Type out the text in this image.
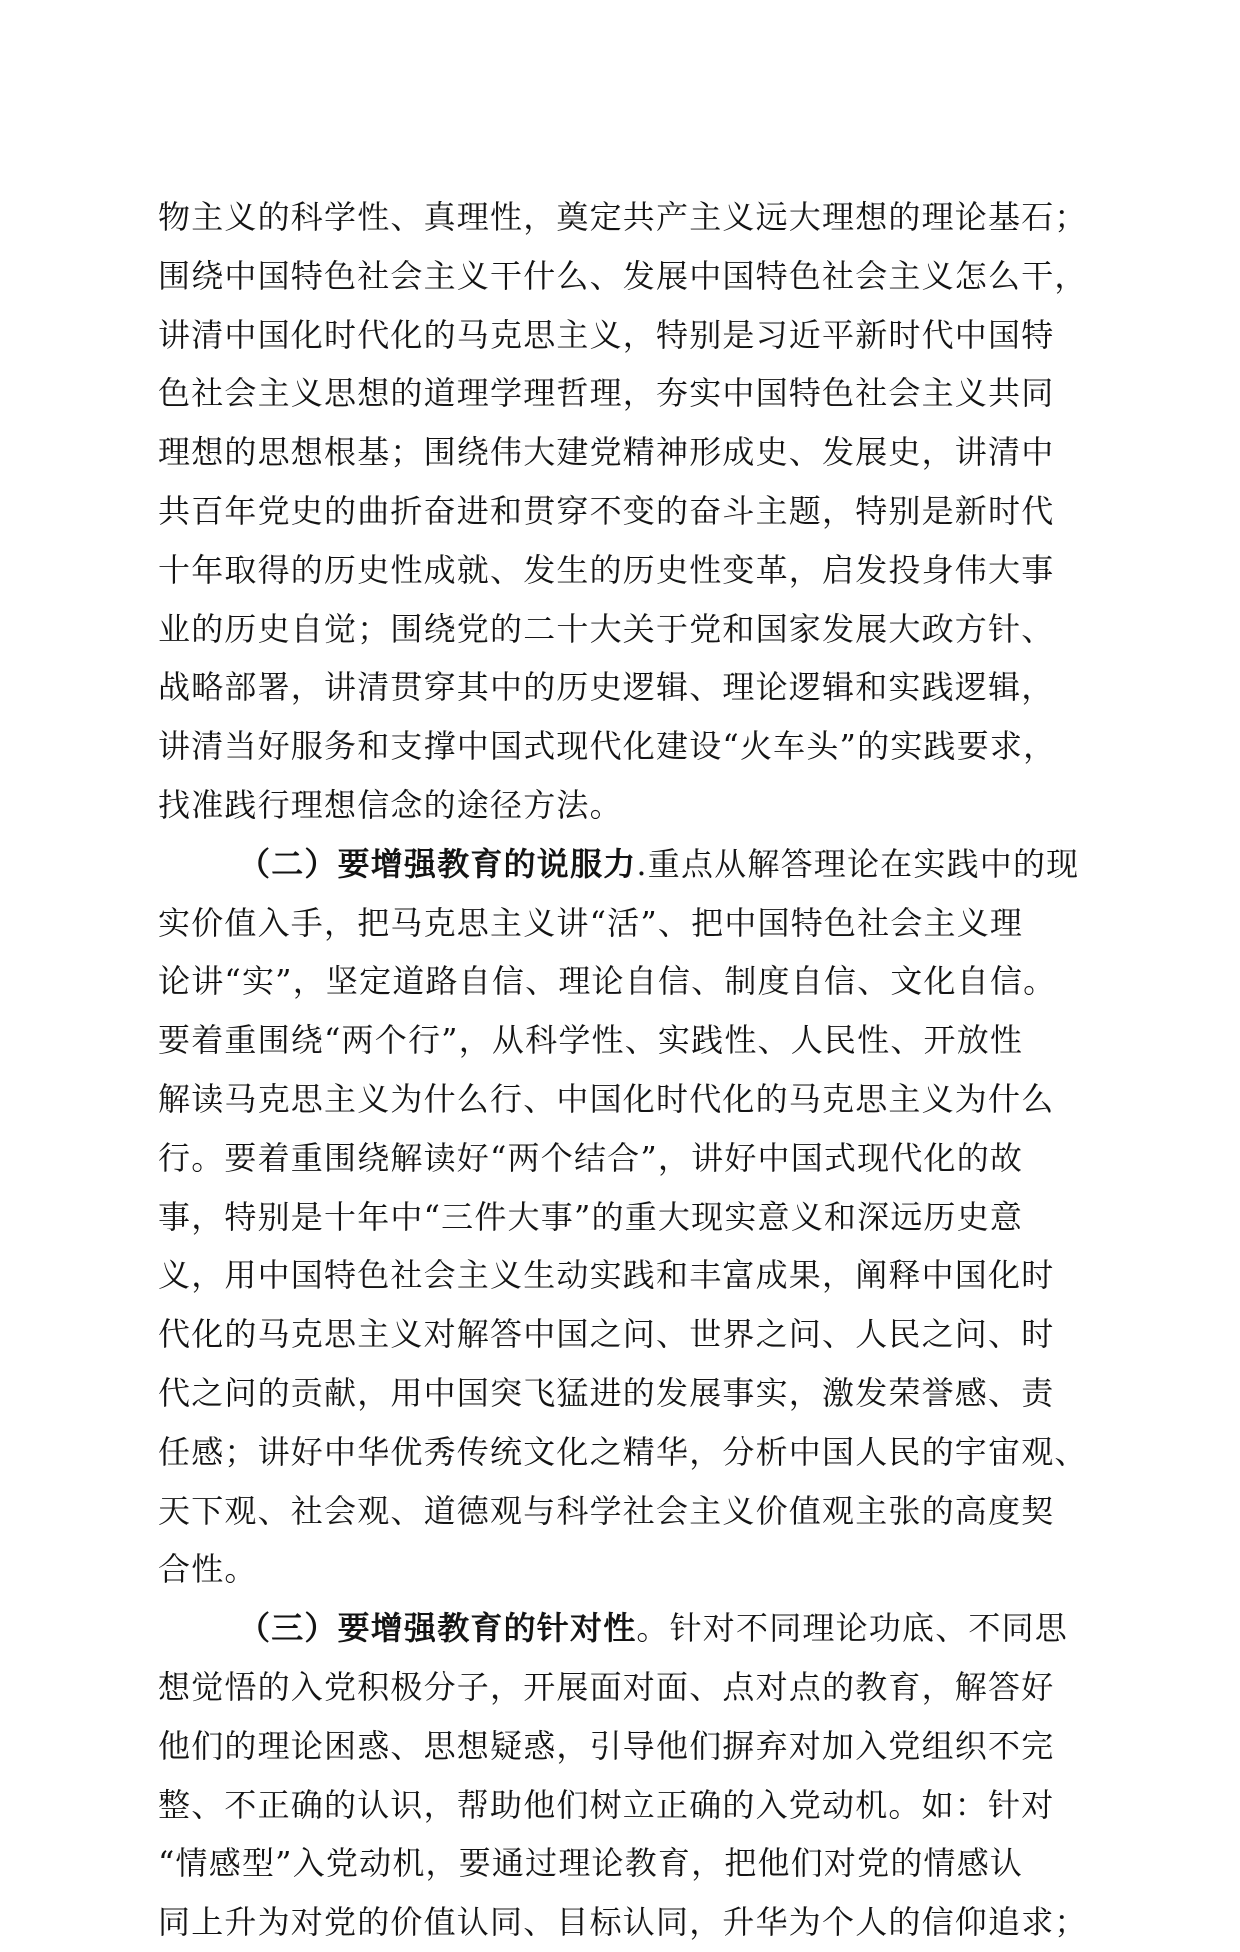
物主义的科学性、真理性，奠定共产主义远大理想的理论基石；
围绕中国特色社会主义干什么、发展中国特色社会主义怎么干，
讲清中国化时代化的马克思主义，特别是习近平新时代中国特
色社会主义思想的道理学理哲理，夯实中国特色社会主义共同
理想的思想根基；围绕伟大建党精神形成史、发展史，讲清中
共百年党史的曲折奋进和贯穿不变的奋斗主题，特别是新时代
十年取得的历史性成就、发生的历史性变革，启发投身伟大事
业的历史自觉；围绕党的二十大关于党和国家发展大政方针、
战略部署，讲清贯穿其中的历史逻辑、理论逻辑和实践逻辑，
讲清当好服务和支撑中国式现代化建设“火车头”的实践要求，
找准践行理想信念的途径方法。
（二）要增强教育的说服力.重点从解答理论在实践中的现
实价值入手，把马克思主义讲“活”、把中国特色社会主义理
论讲“实”，坚定道路自信、理论自信、制度自信、文化自信。
要着重围绕“两个行”，从科学性、实践性、人民性、开放性
解读马克思主义为什么行、中国化时代化的马克思主义为什么
行。要着重围绕解读好“两个结合”，讲好中国式现代化的故
事，特别是十年中“三件大事”的重大现实意义和深远历史意
义，用中国特色社会主义生动实践和丰富成果，阐释中国化时
代化的马克思主义对解答中国之问、世界之问、人民之问、时
代之问的贡献，用中国突飞猛进的发展事实，激发荣誉感、责
任感；讲好中华优秀传统文化之精华，分析中国人民的宇宙观、
天下观、社会观、道德观与科学社会主义价值观主张的高度契
合性。
（三）要增强教育的针对性。针对不同理论功底、不同思
想觉悟的入党积极分子，开展面对面、点对点的教育，解答好
他们的理论困惑、思想疑惑，引导他们摒弃对加入党组织不完
整、不正确的认识，帮助他们树立正确的入党动机。如：针对
“情感型”入党动机，要通过理论教育，把他们对党的情感认
同上升为对党的价值认同、目标认同，升华为个人的信仰追求；
